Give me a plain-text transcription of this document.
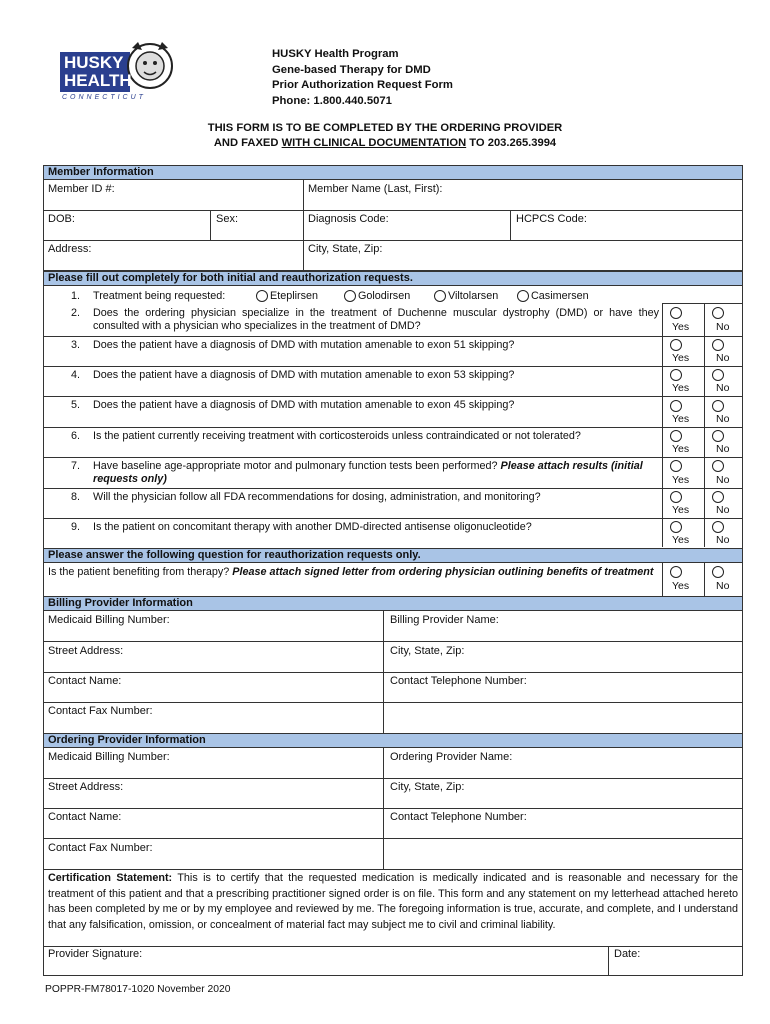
HUSKY
HEALTH
CONNECTICUT
HUSKY Health Program
Gene-based Therapy for DMD
Prior Authorization Request Form
Phone: 1.800.440.5071
THIS FORM IS TO BE COMPLETED BY THE ORDERING PROVIDER
AND FAXED WITH CLINICAL DOCUMENTATION TO 203.265.3994
Member Information
Member ID #:	Member Name (Last, First):
DOB:	Sex:	Diagnosis Code:	HCPCS Code:
Address:	City, State, Zip:
Please fill out completely for both initial and reauthorization requests.
1. Treatment being requested:	Eteplirsen	Golodirsen	Viltolarsen	Casimersen
2. Does the ordering physician specialize in the treatment of Duchenne muscular dystrophy (DMD) or have they consulted with a physician who specializes in the treatment of DMD?	Yes	No
3. Does the patient have a diagnosis of DMD with mutation amenable to exon 51 skipping?
Yes	No
4. Does the patient have a diagnosis of DMD with mutation amenable to exon 53 skipping?
Yes	No
5. Does the patient have a diagnosis of DMD with mutation amenable to exon 45 skipping?
Yes	No
6. Is the patient currently receiving treatment with corticosteroids unless contraindicated or not tolerated?
Yes	No
7. Have baseline age-appropriate motor and pulmonary function tests been performed? Please attach results (initial requests only)	Yes	No
8. Will the physician follow all FDA recommendations for dosing, administration, and monitoring?
Yes	No
9. Is the patient on concomitant therapy with another DMD-directed antisense oligonucleotide?
Yes	No
Please answer the following question for reauthorization requests only.
Is the patient benefiting from therapy? Please attach signed letter from ordering physician outlining benefits of treatment
Yes	No
Billing Provider Information
Medicaid Billing Number:	Billing Provider Name:
Street Address:	City, State, Zip:
Contact Name:	Contact Telephone Number:
Contact Fax Number:
Ordering Provider Information
Medicaid Billing Number:	Ordering Provider Name:
Street Address:	City, State, Zip:
Contact Name:	Contact Telephone Number:
Contact Fax Number:
Certification Statement: This is to certify that the requested medication is medically indicated and is reasonable and necessary for the treatment of this patient and that a prescribing practitioner signed order is on file. This form and any statement on my letterhead attached hereto has been completed by me or by my employee and reviewed by me. The foregoing information is true, accurate, and complete, and I understand that any falsification, omission, or concealment of material fact may subject me to civil and criminal liability.
Provider Signature:	Date:
POPPR-FM78017-1020 November 2020
